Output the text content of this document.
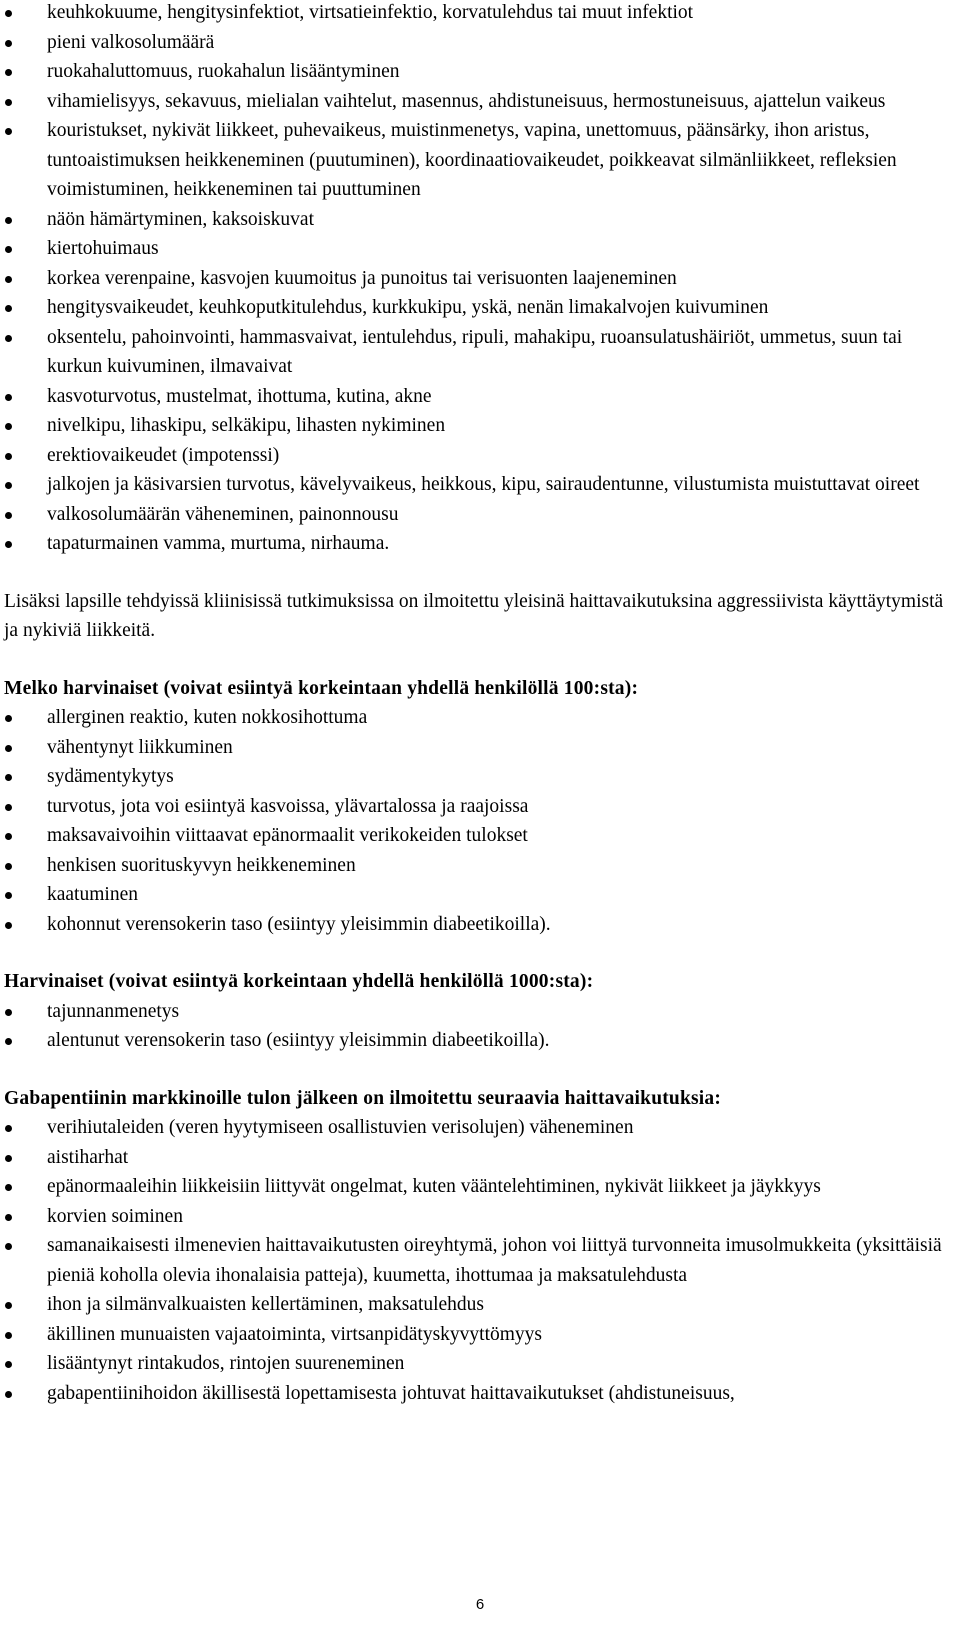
keuhkokuume, hengitysinfektiot, virtsatieinfektio, korvatulehdus tai muut infektiot
pieni valkosolumäärä
ruokahaluttomuus, ruokahalun lisääntyminen
vihamielisyys, sekavuus, mielialan vaihtelut, masennus, ahdistuneisuus, hermostuneisuus, ajattelun vaikeus
kouristukset, nykivät liikkeet, puhevaikeus, muistinmenetys, vapina, unettomuus, päänsärky, ihon aristus, tuntoaistimuksen heikkeneminen (puutuminen), koordinaatiovaikeudet, poikkeavat silmänliikkeet, refleksien voimistuminen, heikkeneminen tai puuttuminen
näön hämärtyminen, kaksoiskuvat
kiertohuimaus
korkea verenpaine, kasvojen kuumoitus ja punoitus tai verisuonten laajeneminen
hengitysvaikeudet, keuhkoputkitulehdus, kurkkukipu, yskä, nenän limakalvojen kuivuminen
oksentelu, pahoinvointi, hammasvaivat, ientulehdus, ripuli, mahakipu, ruoansulatushäiriöt, ummetus, suun tai kurkun kuivuminen, ilmavaivat
kasvoturvotus, mustelmat, ihottuma, kutina, akne
nivelkipu, lihaskipu, selkäkipu, lihasten nykiminen
erektiovaikeudet (impotenssi)
jalkojen ja käsivarsien turvotus, kävelyvaikeus, heikkous, kipu, sairaudentunne, vilustumista muistuttavat oireet
valkosolumäärän väheneminen, painonnousu
tapaturmainen vamma, murtuma, nirhauma.

Lisäksi lapsille tehdyissä kliinisissä tutkimuksissa on ilmoitettu yleisinä haittavaikutuksina aggressiivista käyttäytymistä ja nykiviä liikkeitä.

Melko harvinaiset (voivat esiintyä korkeintaan yhdellä henkilöllä 100:sta):
allerginen reaktio, kuten nokkosihottuma
vähentynyt liikkuminen
sydämentykytys
turvotus, jota voi esiintyä kasvoissa, ylävartalossa ja raajoissa
maksavaivoihin viittaavat epänormaalit verikokeiden tulokset
henkisen suorituskyvyn heikkeneminen
kaatuminen
kohonnut verensokerin taso (esiintyy yleisimmin diabeetikoilla).
Harvinaiset (voivat esiintyä korkeintaan yhdellä henkilöllä 1000:sta):
tajunnanmenetys
alentunut verensokerin taso (esiintyy yleisimmin diabeetikoilla).
Gabapentiinin markkinoille tulon jälkeen on ilmoitettu seuraavia haittavaikutuksia:
verihiutaleiden (veren hyytymiseen osallistuvien verisolujen) väheneminen
aistiharhat
epänormaaleihin liikkeisiin liittyvät ongelmat, kuten vääntelehtiminen, nykivät liikkeet ja jäykkyys
korvien soiminen
samanaikaisesti ilmenevien haittavaikutusten oireyhtymä, johon voi liittyä turvonneita imusolmukkeita (yksittäisiä pieniä koholla olevia ihonalaisia patteja), kuumetta, ihottumaa ja maksatulehdusta
ihon ja silmänvalkuaisten kellertäminen, maksatulehdus
äkillinen munuaisten vajaatoiminta, virtsanpidätyskyvyttömyys
lisääntynyt rintakudos, rintojen suureneminen
gabapentiinihoidon äkillisestä lopettamisesta johtuvat haittavaikutukset (ahdistuneisuus,
6
